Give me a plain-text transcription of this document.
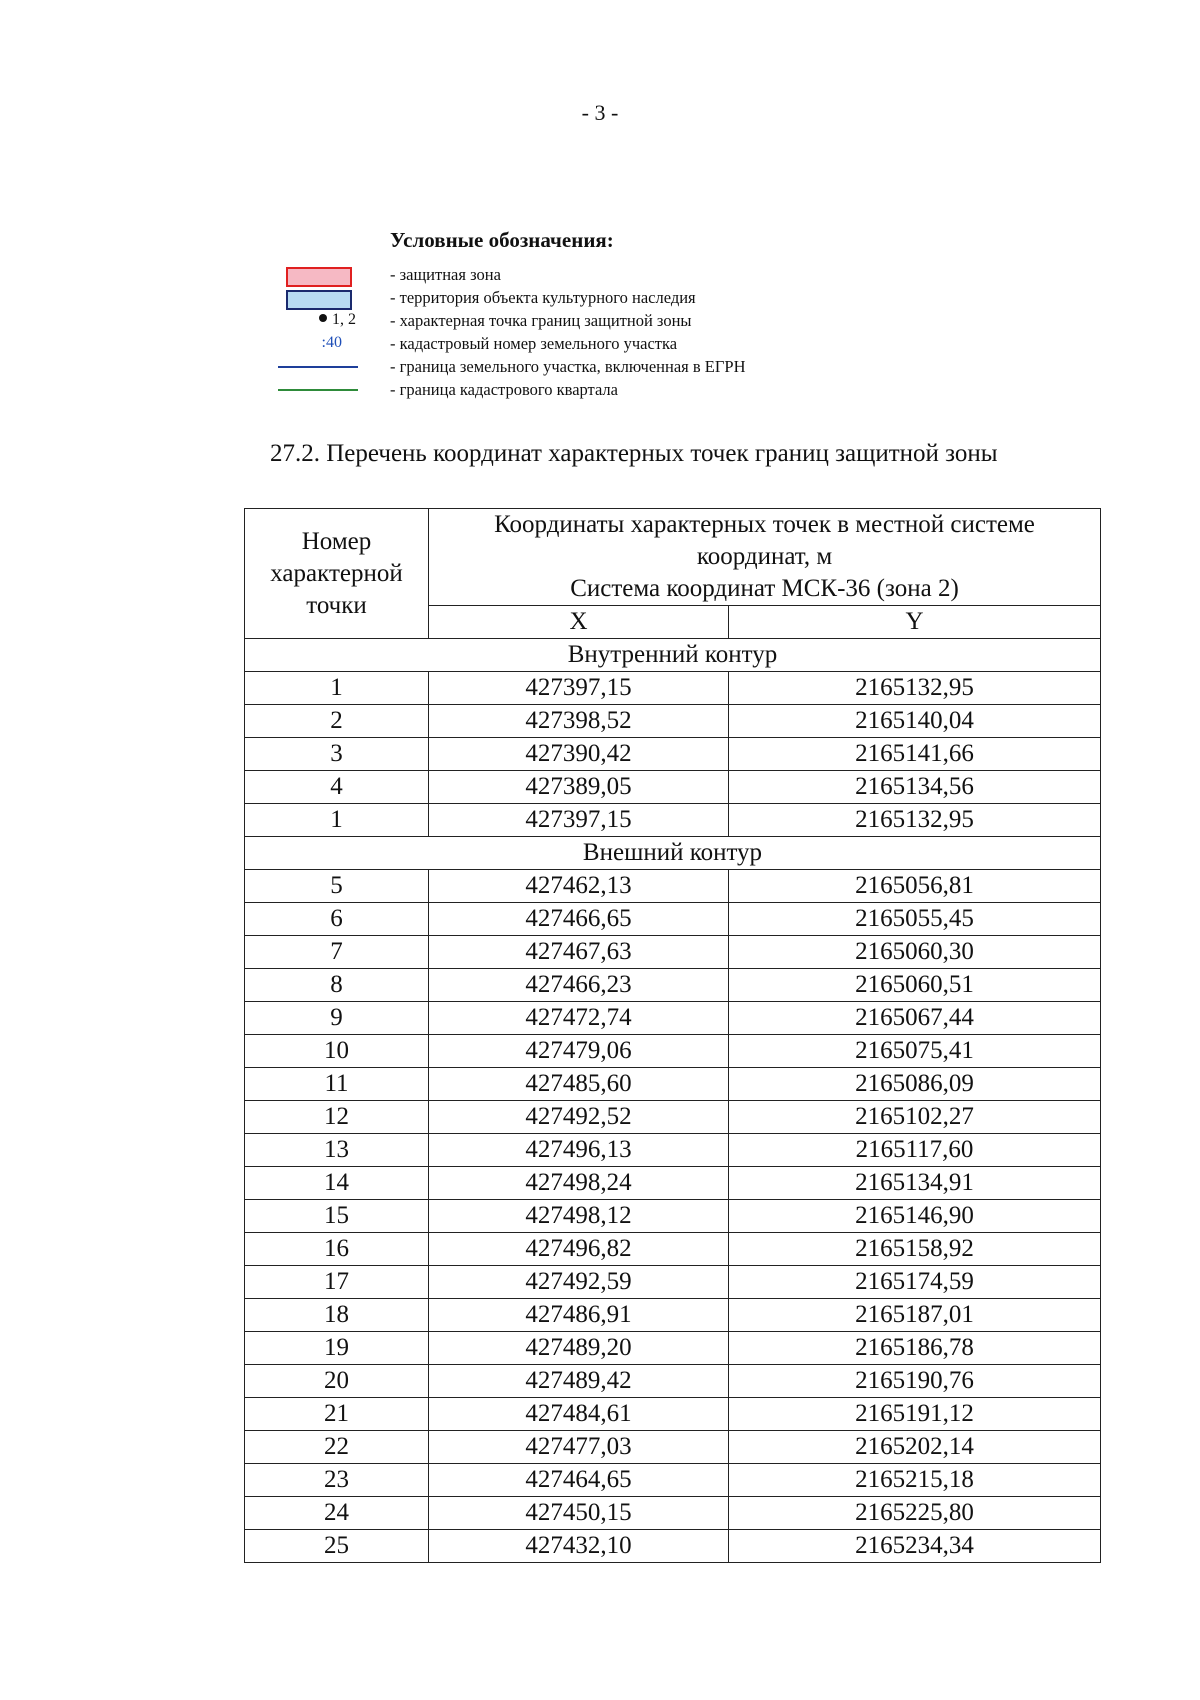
- 3 -
Условные обозначения:
- защитная зона
- территория объекта культурного наследия
1, 2 - характерная точка границ защитной зоны
:40	- кадастровый номер земельного участка
- граница земельного участка, включенная в ЕГРН
- граница кадастрового квартала
27.2. Перечень координат характерных точек границ защитной зоны
Номер
характерной
точки	Координаты характерных точек в местной системе
координат, м
Система координат МСК-36 (зона 2)	
	X	Y
Внутренний контур		
1	427397,15	2165132,95
2	427398,52	2165140,04
3	427390,42	2165141,66
4	427389,05	2165134,56
1	427397,15	2165132,95
Внешний контур		
5	427462,13	2165056,81
6	427466,65	2165055,45
7	427467,63	2165060,30
8	427466,23	2165060,51
9	427472,74	2165067,44
10	427479,06	2165075,41
11	427485,60	2165086,09
12	427492,52	2165102,27
13	427496,13	2165117,60
14	427498,24	2165134,91
15	427498,12	2165146,90
16	427496,82	2165158,92
17	427492,59	2165174,59
18	427486,91	2165187,01
19	427489,20	2165186,78
20	427489,42	2165190,76
21	427484,61	2165191,12
22	427477,03	2165202,14
23	427464,65	2165215,18
24	427450,15	2165225,80
25	427432,10	2165234,34
